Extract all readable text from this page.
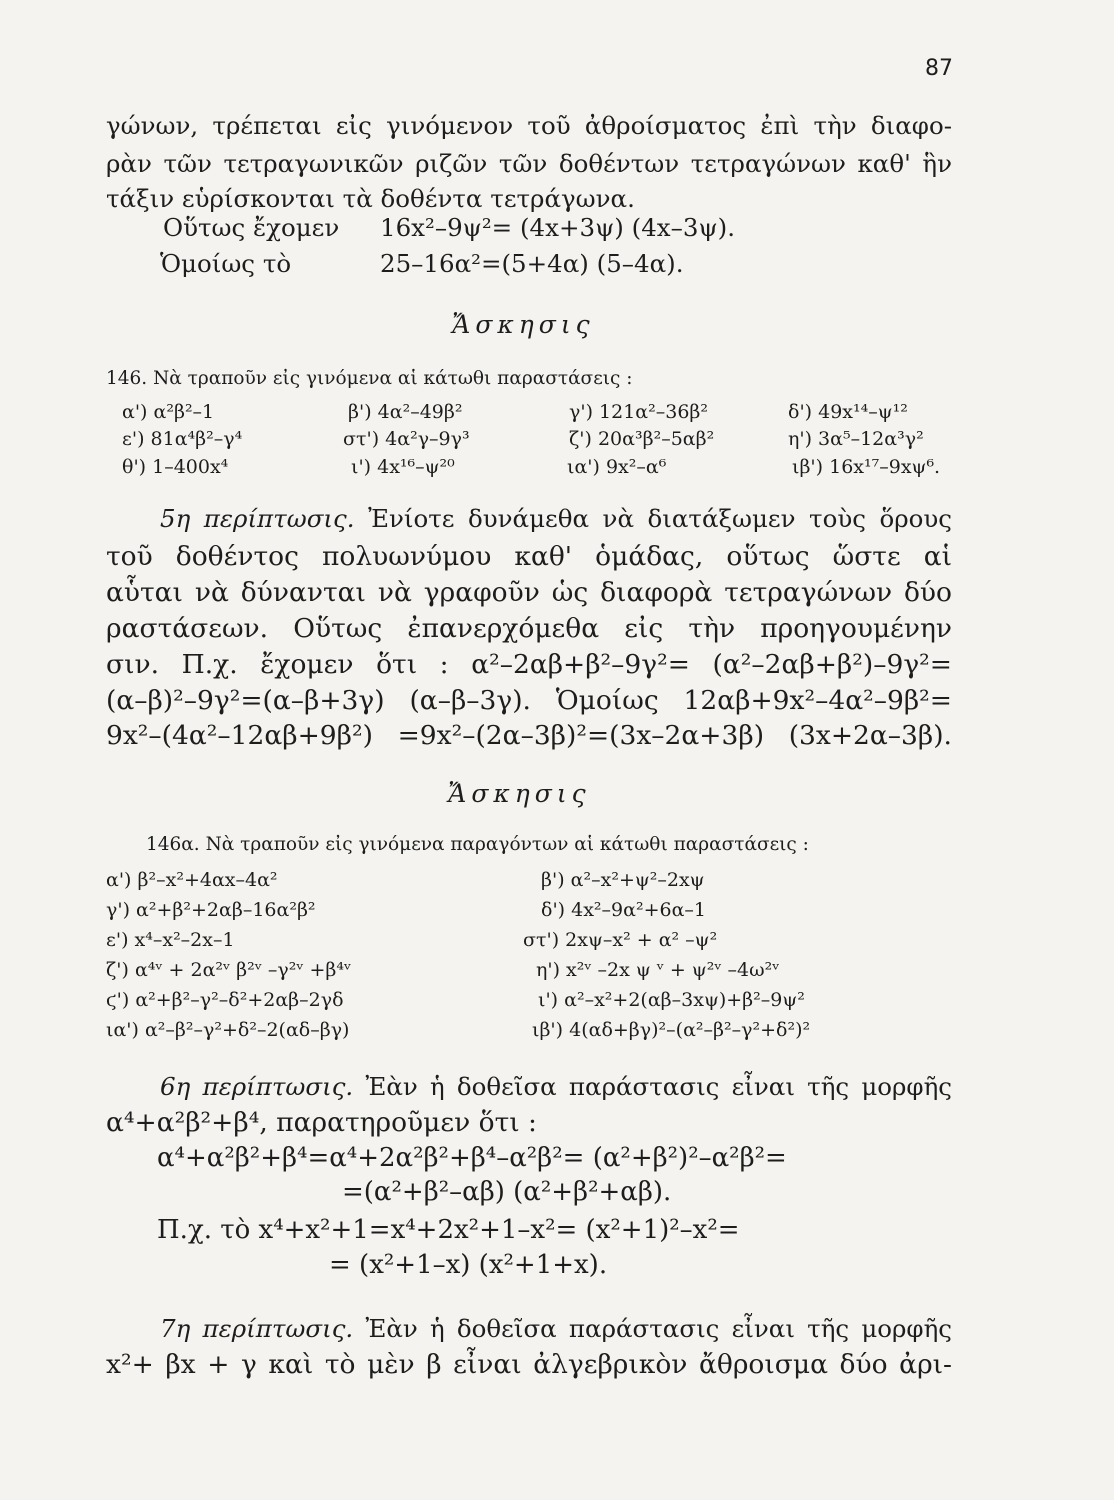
87
γώνων, τρέπεται εἰς γινόμενον τοῦ ἀθροίσματος ἐπὶ τὴν διαφο-
ρὰν τῶν τετραγωνικῶν ριζῶν τῶν δοθέντων τετραγώνων καθ' ἣν
τάξιν εὑρίσκονται τὰ δοθέντα τετράγωνα.
Οὕτως ἔχομεν 16x²–9ψ²= (4x+3ψ) (4x–3ψ).
Ὁμοίως τὸ	25–16α²=(5+4α) (5–4α).
Ἄσκησις
146. Νὰ τραποῦν εἰς γινόμενα αἱ κάτωθι παραστάσεις :
α') α²β²–1	β') 4α²–49β²	γ') 121α²–36β²	δ') 49x¹⁴–ψ¹²
ε') 81α⁴β²–γ⁴	στ') 4α²γ–9γ³	ζ') 20α³β²–5αβ²	η') 3α⁵–12α³γ²
θ') 1–400x⁴	ι') 4x¹⁶–ψ²⁰	ια') 9x²–α⁶	ιβ') 16x¹⁷–9xψ⁶.
5η περίπτωσις. Ἐνίοτε δυνάμεθα νὰ διατάξωμεν τοὺς ὅρους
τοῦ δοθέντος πολυωνύμου καθ' ὁμάδας, οὕτως ὥστε αἱ
αὗται νὰ δύνανται νὰ γραφοῦν ὡς διαφορὰ τετραγώνων δύο
ραστάσεων. Οὕτως ἐπανερχόμεθα εἰς τὴν προηγουμένην
σιν. Π.χ. ἔχομεν ὅτι : α²–2αβ+β²–9γ²= (α²–2αβ+β²)–9γ²=
(α–β)²–9γ²=(α–β+3γ) (α–β–3γ). Ὁμοίως 12αβ+9x²–4α²–9β²=
9x²–(4α²–12αβ+9β²) =9x²–(2α–3β)²=(3x–2α+3β) (3x+2α–3β).
Ἄσκησις
146α. Νὰ τραποῦν εἰς γινόμενα παραγόντων αἱ κάτωθι παραστάσεις :
α') β²–x²+4αx–4α²	β') α²–x²+ψ²–2xψ
γ') α²+β²+2αβ–16α²β²	δ') 4x²–9α²+6α–1
ε') x⁴–x²–2x–1	στ') 2xψ–x² + α² –ψ²
ζ') α⁴ᵛ + 2α²ᵛ β²ᵛ –γ²ᵛ +β⁴ᵛ	η') x²ᵛ –2x ψ ᵛ + ψ²ᵛ –4ω²ᵛ
ϛ') α²+β²–γ²–δ²+2αβ–2γδ	ι') α²–x²+2(αβ–3xψ)+β²–9ψ²
ια') α²–β²–γ²+δ²–2(αδ–βγ)	ιβ') 4(αδ+βγ)²–(α²–β²–γ²+δ²)²
6η περίπτωσις. Ἐὰν ἡ δοθεῖσα παράστασις εἶναι τῆς μορφῆς
α⁴+α²β²+β⁴, παρατηροῦμεν ὅτι :
α⁴+α²β²+β⁴=α⁴+2α²β²+β⁴–α²β²= (α²+β²)²–α²β²=
=(α²+β²–αβ) (α²+β²+αβ).
Π.χ. τὸ x⁴+x²+1=x⁴+2x²+1–x²= (x²+1)²–x²=
= (x²+1–x) (x²+1+x).
7η περίπτωσις. Ἐὰν ἡ δοθεῖσα παράστασις εἶναι τῆς μορφῆς
x²+ βx + γ καὶ τὸ μὲν β εἶναι ἀλγεβρικὸν ἄθροισμα δύο ἀρι-
